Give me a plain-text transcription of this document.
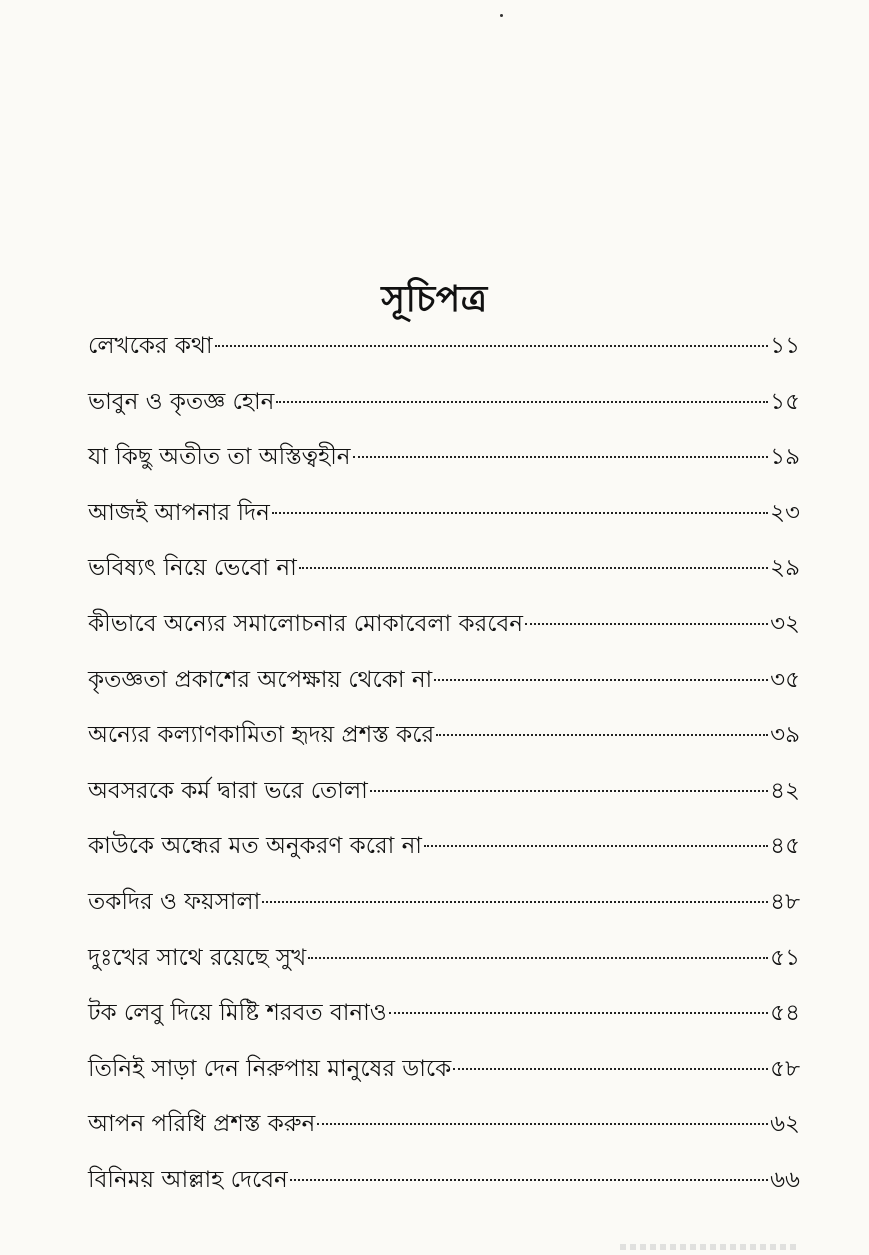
সূচিপত্র
লেখকের কথা	১১
ভাবুন ও কৃতজ্ঞ হোন	১৫
যা কিছু অতীত তা অস্তিত্বহীন	১৯
আজই আপনার দিন	২৩
ভবিষ্যৎ নিয়ে ভেবো না	২৯
কীভাবে অন্যের সমালোচনার মোকাবেলা করবেন	৩২
কৃতজ্ঞতা প্রকাশের অপেক্ষায় থেকো না	৩৫
অন্যের কল্যাণকামিতা হৃদয় প্রশস্ত করে	৩৯
অবসরকে কর্ম দ্বারা ভরে তোলা	৪২
কাউকে অন্ধের মত অনুকরণ করো না	৪৫
তকদির ও ফয়সালা	৪৮
দুঃখের সাথে রয়েছে সুখ	৫১
টক লেবু দিয়ে মিষ্টি শরবত বানাও	৫৪
তিনিই সাড়া দেন নিরুপায় মানুষের ডাকে	৫৮
আপন পরিধি প্রশস্ত করুন	৬২
বিনিময় আল্লাহ দেবেন	৬৬
